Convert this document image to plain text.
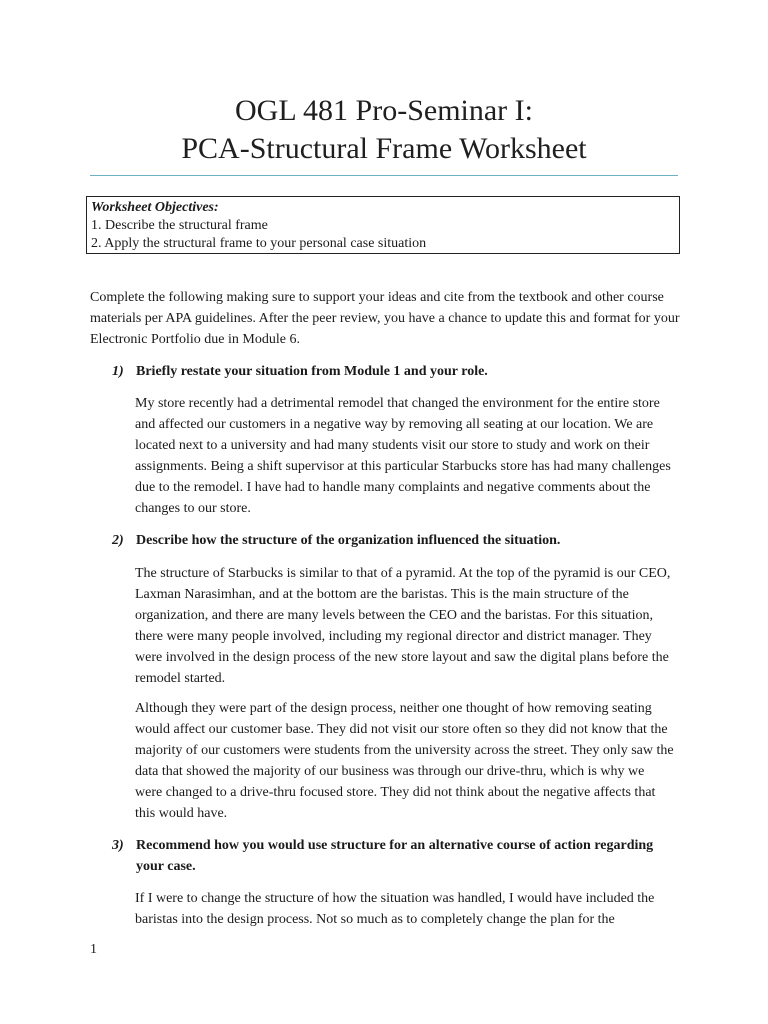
OGL 481 Pro-Seminar I:
PCA-Structural Frame Worksheet
Worksheet Objectives:
1. Describe the structural frame
2. Apply the structural frame to your personal case situation
Complete the following making sure to support your ideas and cite from the textbook and other course materials per APA guidelines. After the peer review, you have a chance to update this and format for your Electronic Portfolio due in Module 6.
1) Briefly restate your situation from Module 1 and your role.
My store recently had a detrimental remodel that changed the environment for the entire store and affected our customers in a negative way by removing all seating at our location. We are located next to a university and had many students visit our store to study and work on their assignments. Being a shift supervisor at this particular Starbucks store has had many challenges due to the remodel. I have had to handle many complaints and negative comments about the changes to our store.
2) Describe how the structure of the organization influenced the situation.
The structure of Starbucks is similar to that of a pyramid. At the top of the pyramid is our CEO, Laxman Narasimhan, and at the bottom are the baristas. This is the main structure of the organization, and there are many levels between the CEO and the baristas. For this situation, there were many people involved, including my regional director and district manager. They were involved in the design process of the new store layout and saw the digital plans before the remodel started.
Although they were part of the design process, neither one thought of how removing seating would affect our customer base. They did not visit our store often so they did not know that the majority of our customers were students from the university across the street. They only saw the data that showed the majority of our business was through our drive-thru, which is why we were changed to a drive-thru focused store. They did not think about the negative affects that this would have.
3) Recommend how you would use structure for an alternative course of action regarding your case.
If I were to change the structure of how the situation was handled, I would have included the baristas into the design process. Not so much as to completely change the plan for the
1
